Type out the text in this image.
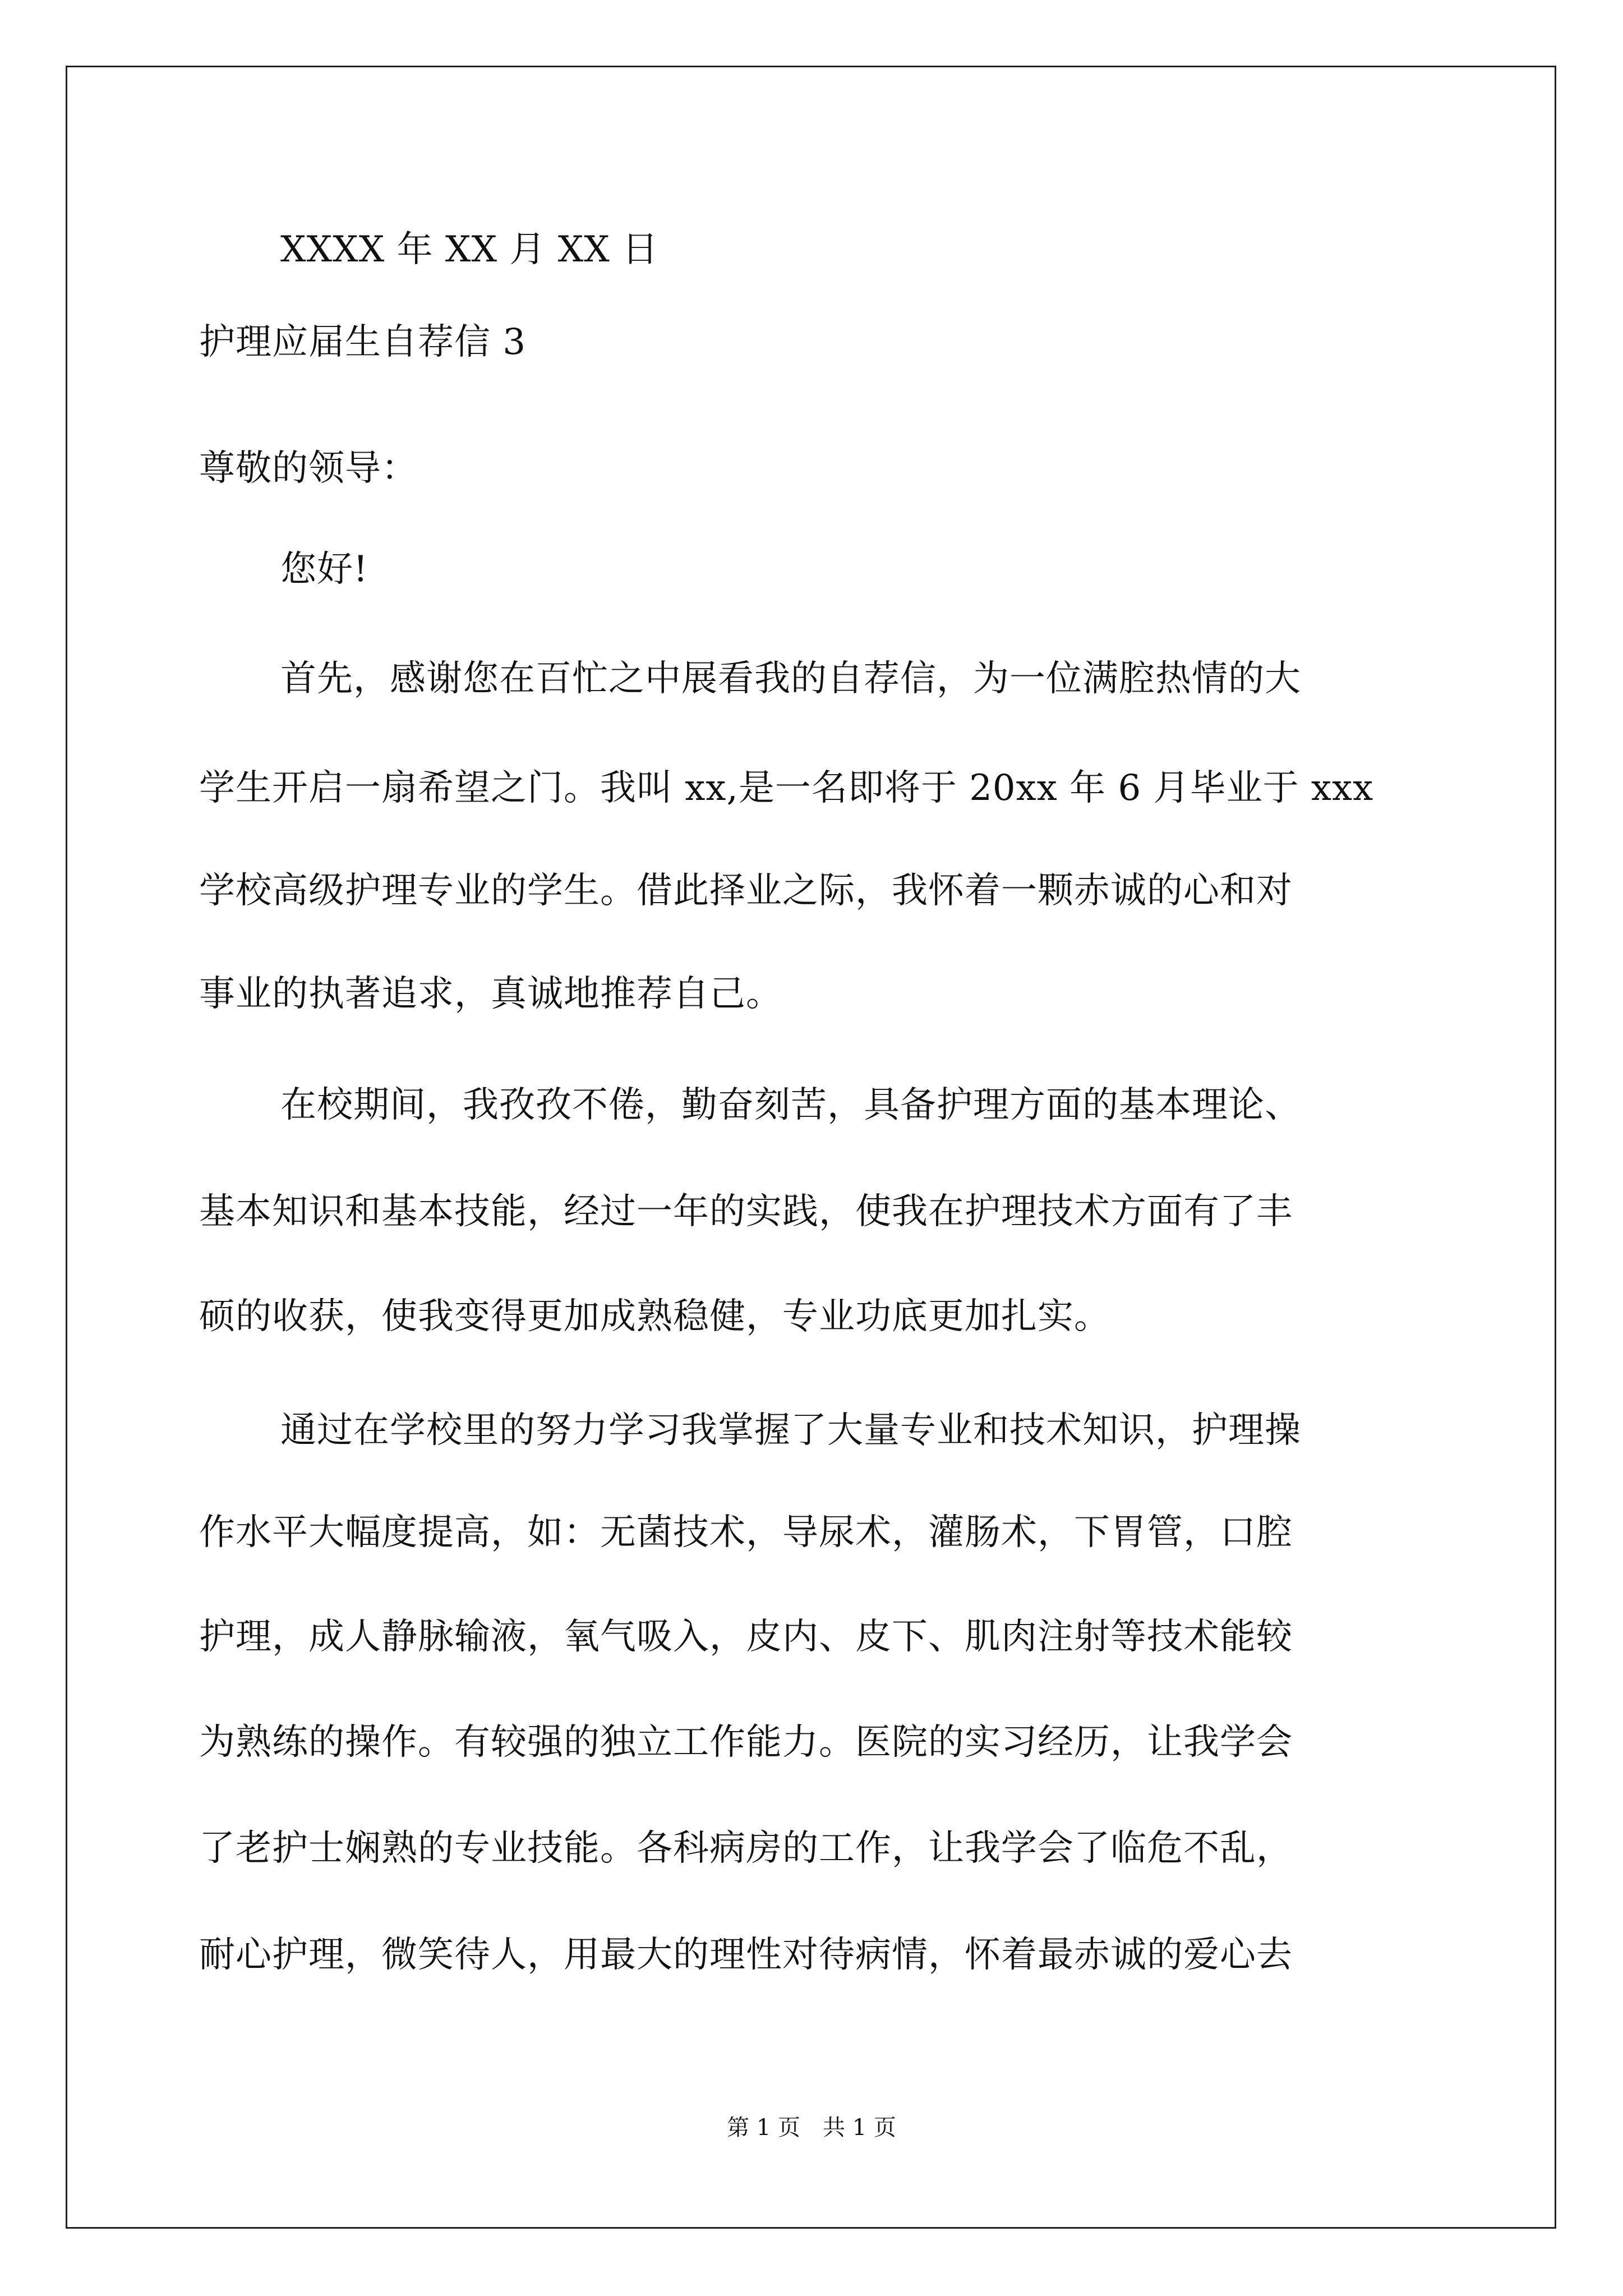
XXXX 年 XX 月 XX 日
护理应届生自荐信 3
尊敬的领导：
您好!
首先，感谢您在百忙之中展看我的自荐信，为一位满腔热情的大
学生开启一扇希望之门。我叫 xx,是一名即将于 20xx 年 6 月毕业于 xxx
学校高级护理专业的学生。借此择业之际，我怀着一颗赤诚的心和对
事业的执著追求，真诚地推荐自己。
在校期间，我孜孜不倦，勤奋刻苦，具备护理方面的基本理论、
基本知识和基本技能，经过一年的实践，使我在护理技术方面有了丰
硕的收获，使我变得更加成熟稳健，专业功底更加扎实。
通过在学校里的努力学习我掌握了大量专业和技术知识，护理操
作水平大幅度提高，如：无菌技术，导尿术，灌肠术，下胃管，口腔
护理，成人静脉输液，氧气吸入，皮内、皮下、肌肉注射等技术能较
为熟练的操作。有较强的独立工作能力。医院的实习经历，让我学会
了老护士娴熟的专业技能。各科病房的工作，让我学会了临危不乱，
耐心护理，微笑待人，用最大的理性对待病情，怀着最赤诚的爱心去
第 1 页　共 1 页
